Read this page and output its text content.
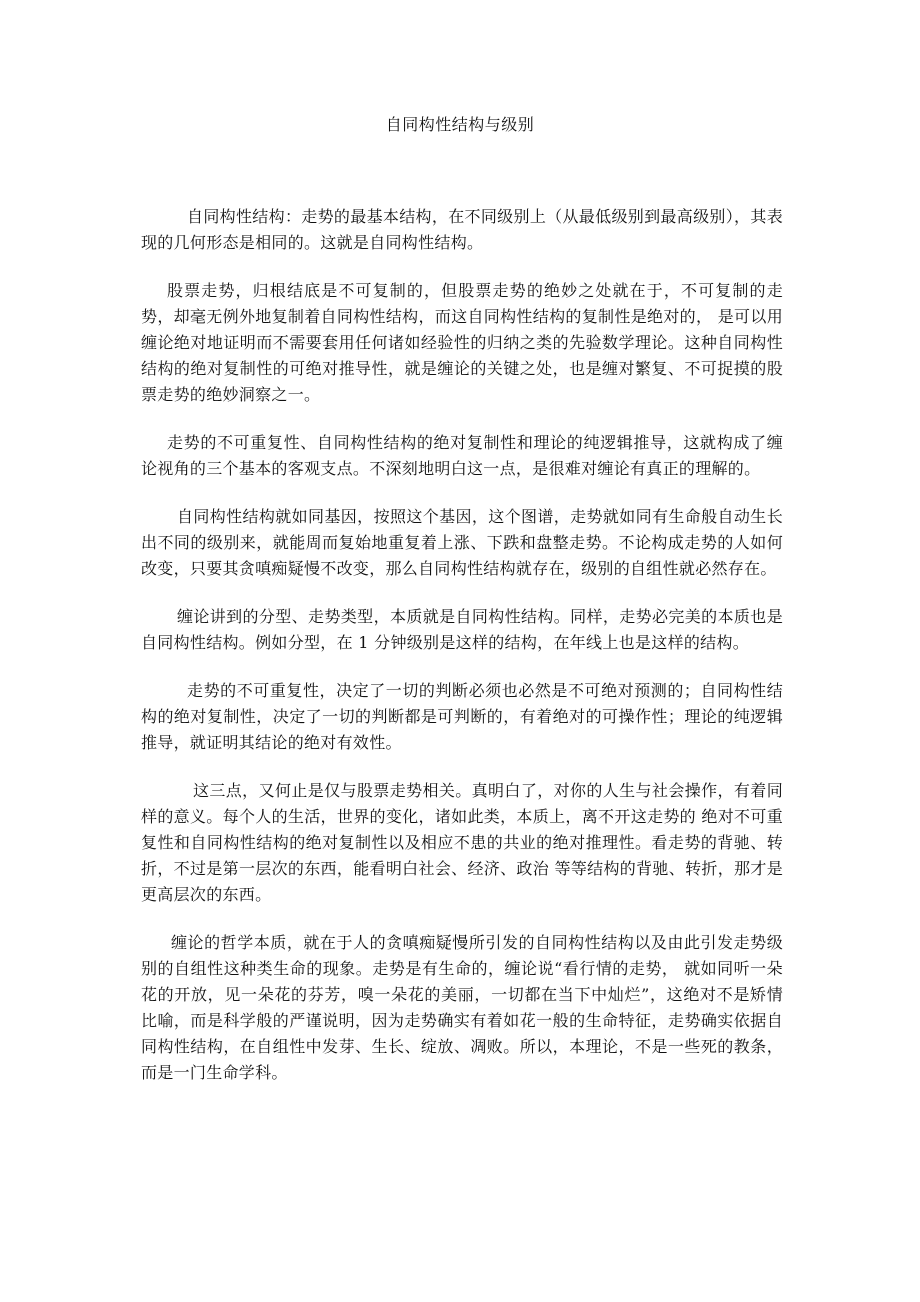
自同构性结构与级别

自同构性结构：走势的最基本结构，在不同级别上（从最低级别到最高级别），其表现的几何形态是相同的。这就是自同构性结构。

股票走势，归根结底是不可复制的，但股票走势的绝妙之处就在于，不可复制的走势，却毫无例外地复制着自同构性结构，而这自同构性结构的复制性是绝对的， 是可以用缠论绝对地证明而不需要套用任何诸如经验性的归纳之类的先验数学理论。这种自同构性结构的绝对复制性的可绝对推导性，就是缠论的关键之处，也是缠对繁复、不可捉摸的股票走势的绝妙洞察之一。

走势的不可重复性、自同构性结构的绝对复制性和理论的纯逻辑推导，这就构成了缠论视角的三个基本的客观支点。不深刻地明白这一点，是很难对缠论有真正的理解的。

自同构性结构就如同基因，按照这个基因，这个图谱，走势就如同有生命般自动生长出不同的级别来，就能周而复始地重复着上涨、下跌和盘整走势。不论构成走势的人如何改变，只要其贪嗔痴疑慢不改变，那么自同构性结构就存在，级别的自组性就必然存在。

缠论讲到的分型、走势类型，本质就是自同构性结构。同样，走势必完美的本质也是自同构性结构。例如分型，在 1 分钟级别是这样的结构，在年线上也是这样的结构。

走势的不可重复性，决定了一切的判断必须也必然是不可绝对预测的；自同构性结构的绝对复制性，决定了一切的判断都是可判断的，有着绝对的可操作性；理论的纯逻辑推导，就证明其结论的绝对有效性。

这三点，又何止是仅与股票走势相关。真明白了，对你的人生与社会操作，有着同样的意义。每个人的生活，世界的变化，诸如此类，本质上，离不开这走势的 绝对不可重复性和自同构性结构的绝对复制性以及相应不患的共业的绝对推理性。看走势的背驰、转折，不过是第一层次的东西，能看明白社会、经济、政治 等等结构的背驰、转折，那才是更高层次的东西。

缠论的哲学本质，就在于人的贪嗔痴疑慢所引发的自同构性结构以及由此引发走势级别的自组性这种类生命的现象。走势是有生命的，缠论说“看行情的走势， 就如同听一朵花的开放，见一朵花的芬芳，嗅一朵花的美丽，一切都在当下中灿烂”，这绝对不是矫情比喻，而是科学般的严谨说明，因为走势确实有着如花一般的生命特征，走势确实依据自同构性结构，在自组性中发芽、生长、绽放、凋败。所以，本理论，不是一些死的教条，而是一门生命学科。
